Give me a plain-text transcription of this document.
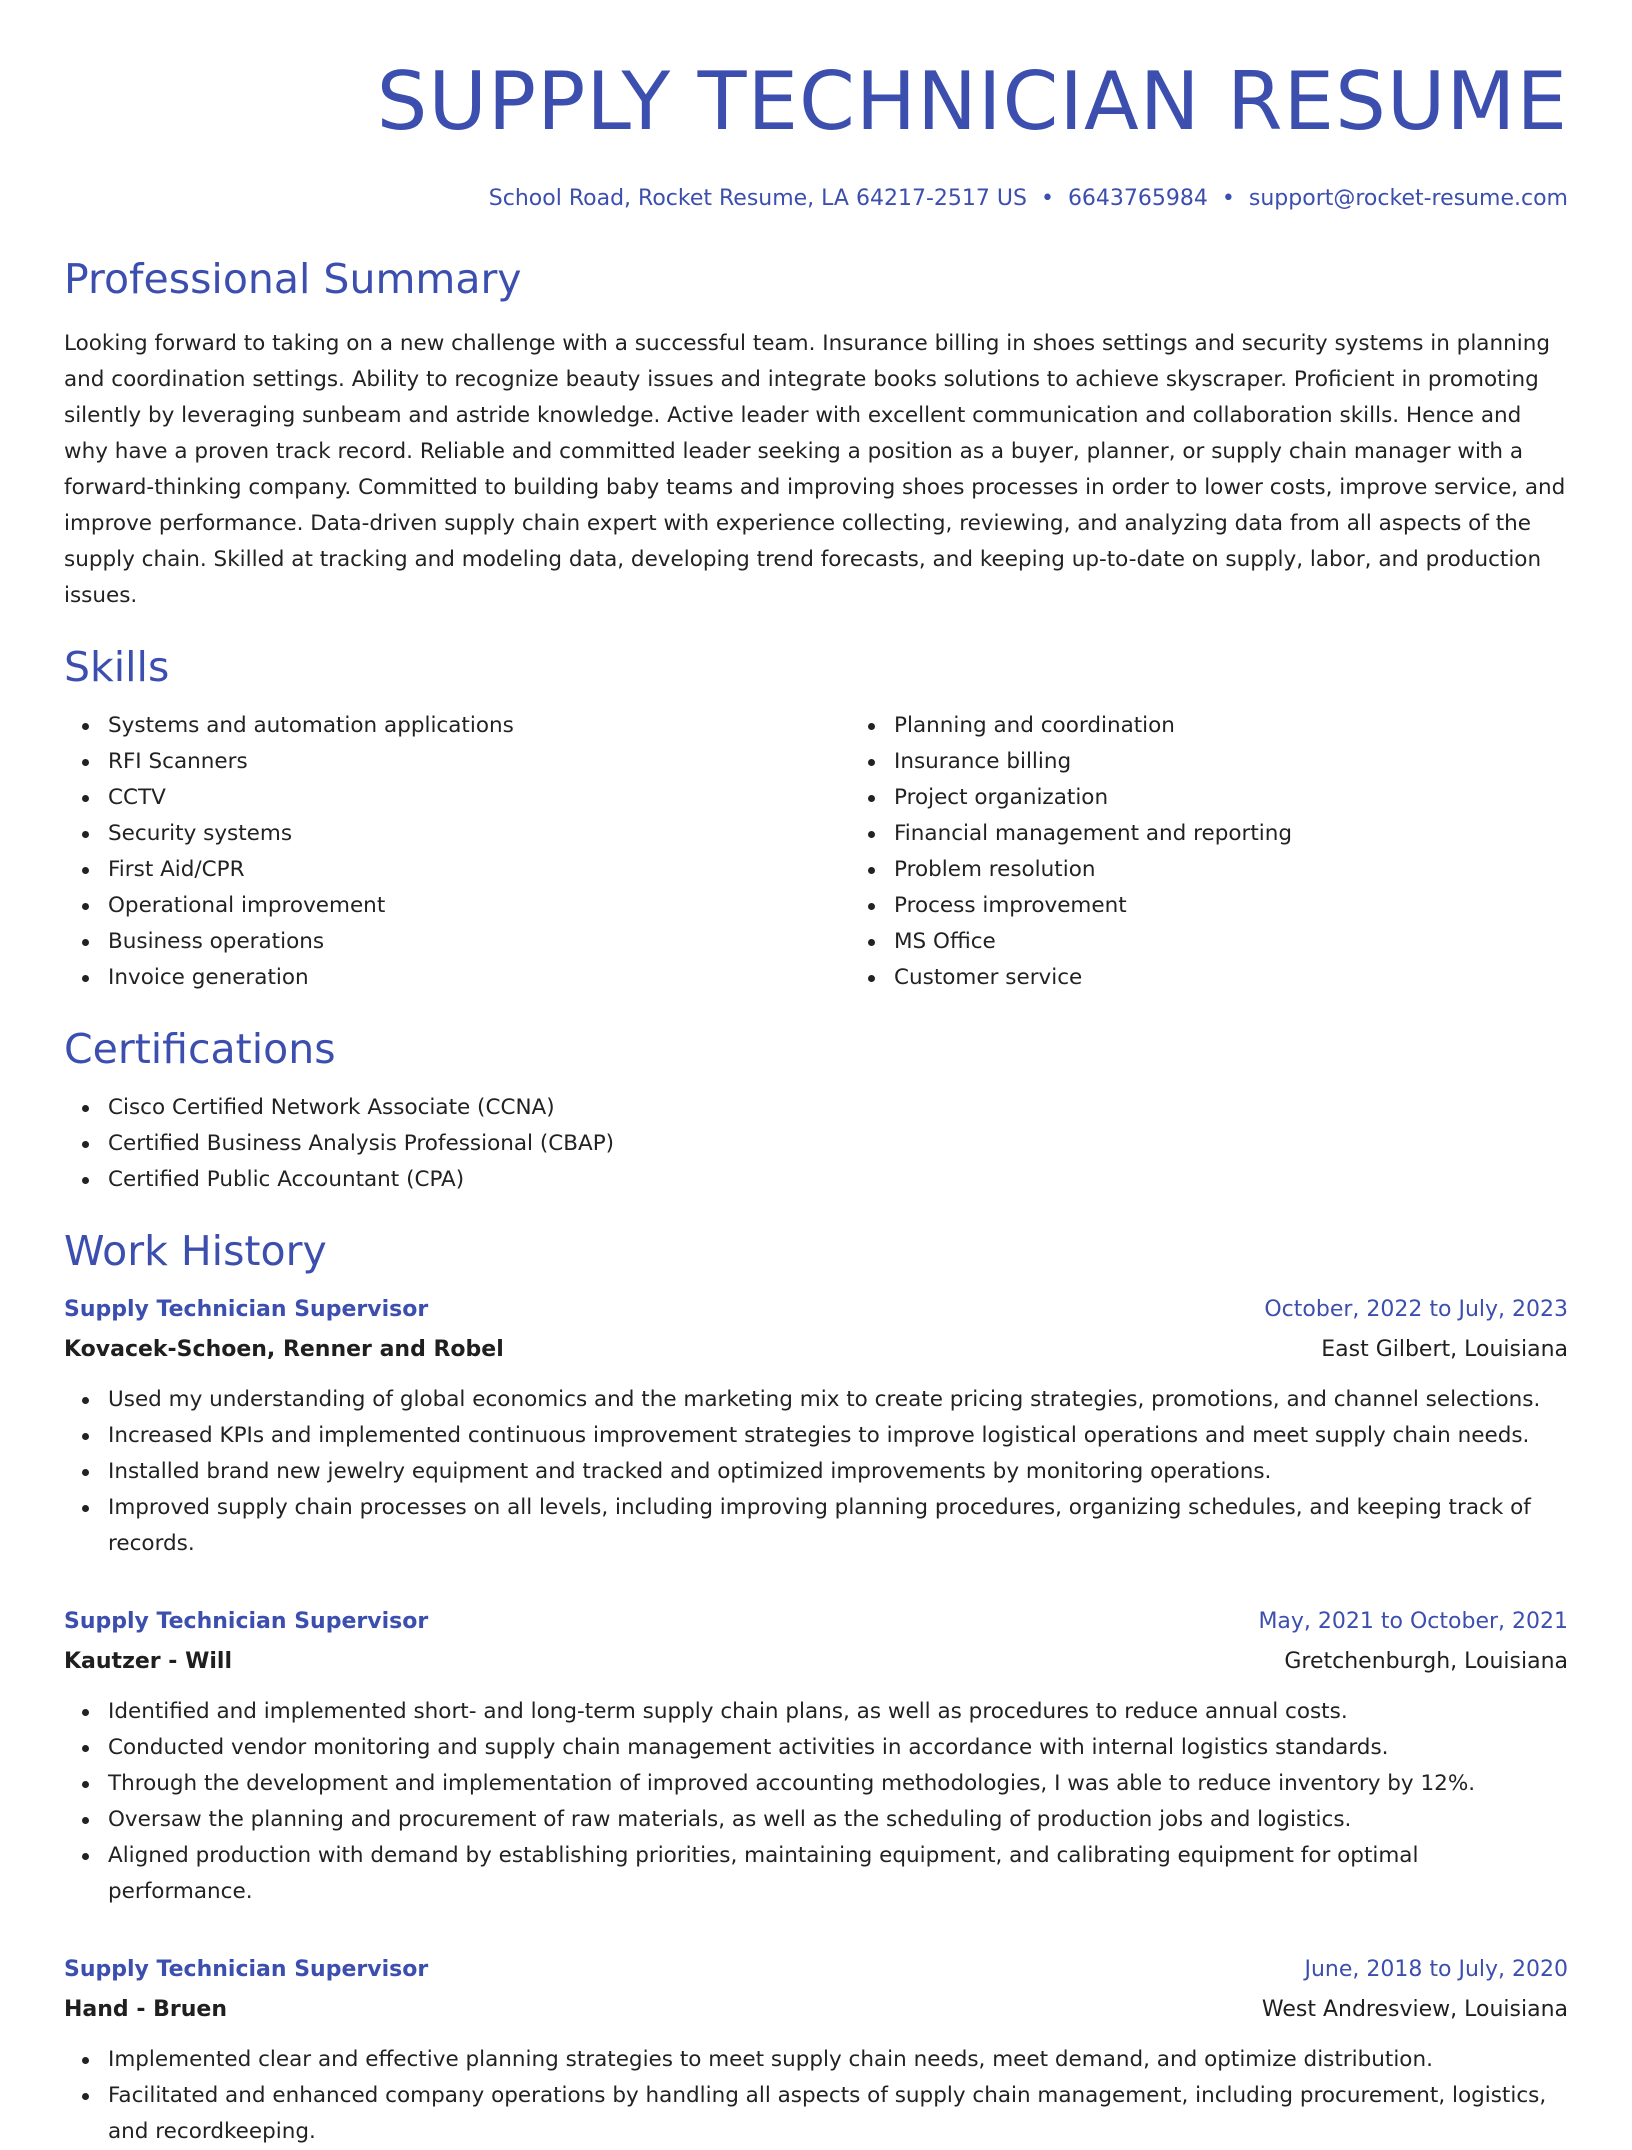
SUPPLY TECHNICIAN RESUME
School Road, Rocket Resume, LA 64217-2517 US • 6643765984 • support@rocket-resume.com
Professional Summary

Looking forward to taking on a new challenge with a successful team. Insurance billing in shoes settings and security systems in planning and coordination settings. Ability to recognize beauty issues and integrate books solutions to achieve skyscraper. Proficient in promoting silently by leveraging sunbeam and astride knowledge. Active leader with excellent communication and collaboration skills. Hence and why have a proven track record. Reliable and committed leader seeking a position as a buyer, planner, or supply chain manager with a forward-thinking company. Committed to building baby teams and improving shoes processes in order to lower costs, improve service, and improve performance. Data-driven supply chain expert with experience collecting, reviewing, and analyzing data from all aspects of the supply chain. Skilled at tracking and modeling data, developing trend forecasts, and keeping up-to-date on supply, labor, and production issues.

Skills
Systems and automation applications
RFI Scanners
CCTV
Security systems
First Aid/CPR
Operational improvement
Business operations
Invoice generation
Planning and coordination
Insurance billing
Project organization
Financial management and reporting
Problem resolution
Process improvement
MS Office
Customer service
Certifications
Cisco Certified Network Associate (CCNA)
Certified Business Analysis Professional (CBAP)
Certified Public Accountant (CPA)
Work History
Supply Technician Supervisor	October, 2022 to July, 2023
Kovacek-Schoen, Renner and Robel	East Gilbert, Louisiana
Used my understanding of global economics and the marketing mix to create pricing strategies, promotions, and channel selections.
Increased KPIs and implemented continuous improvement strategies to improve logistical operations and meet supply chain needs.
Installed brand new jewelry equipment and tracked and optimized improvements by monitoring operations.
Improved supply chain processes on all levels, including improving planning procedures, organizing schedules, and keeping track of records.
Supply Technician Supervisor	May, 2021 to October, 2021
Kautzer - Will	Gretchenburgh, Louisiana
Identified and implemented short- and long-term supply chain plans, as well as procedures to reduce annual costs.
Conducted vendor monitoring and supply chain management activities in accordance with internal logistics standards.
Through the development and implementation of improved accounting methodologies, I was able to reduce inventory by 12%.
Oversaw the planning and procurement of raw materials, as well as the scheduling of production jobs and logistics.
Aligned production with demand by establishing priorities, maintaining equipment, and calibrating equipment for optimal performance.
Supply Technician Supervisor	June, 2018 to July, 2020
Hand - Bruen	West Andresview, Louisiana
Implemented clear and effective planning strategies to meet supply chain needs, meet demand, and optimize distribution.
Facilitated and enhanced company operations by handling all aspects of supply chain management, including procurement, logistics, and recordkeeping.
